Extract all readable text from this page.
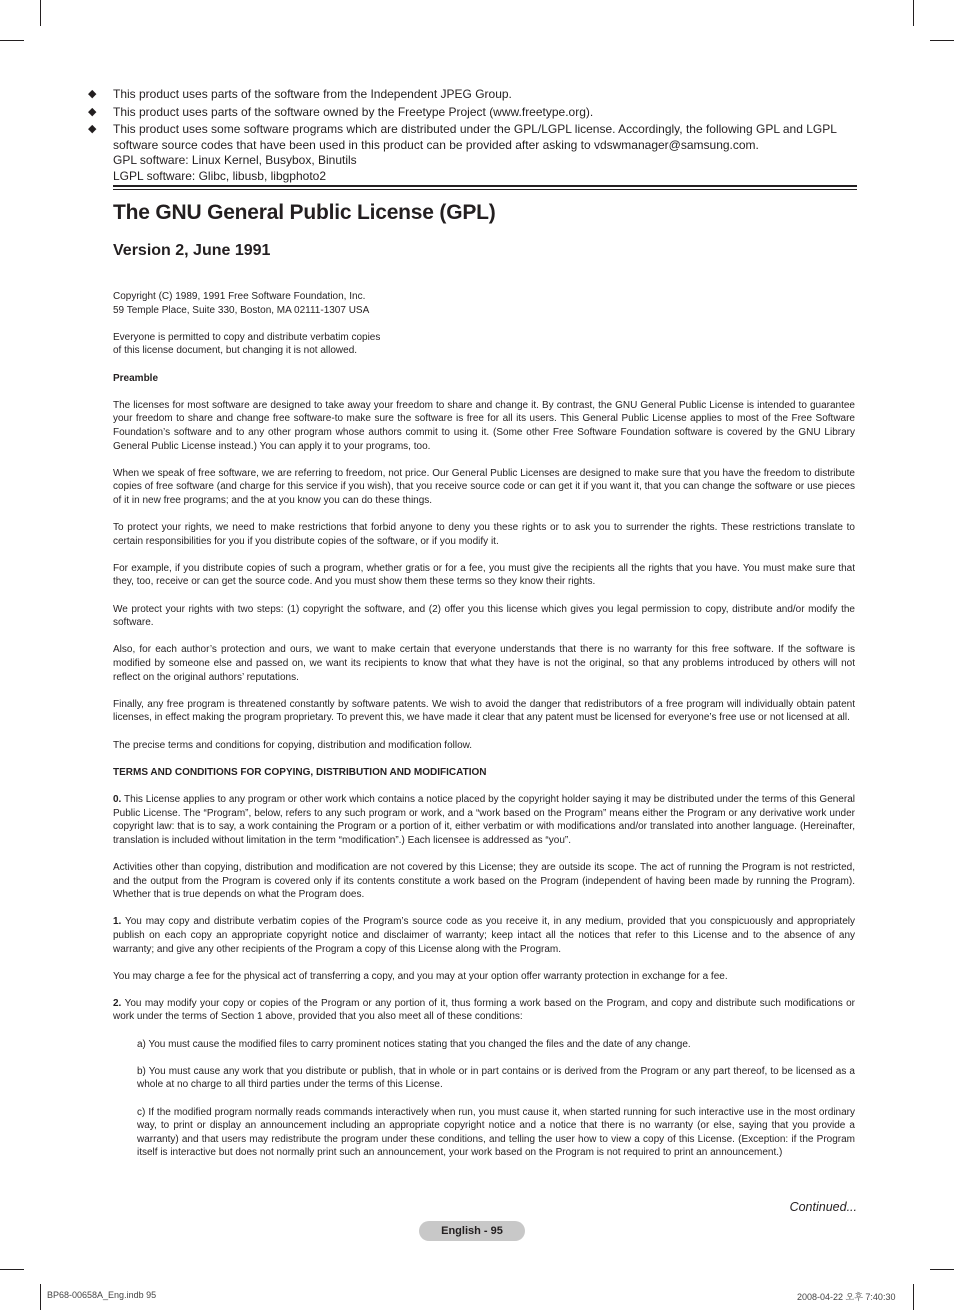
◆ This product uses parts of the software from the Independent JPEG Group.
◆ This product uses parts of the software owned by the Freetype Project (www.freetype.org).
◆ This product uses some software programs which are distributed under the GPL/LGPL license. Accordingly, the following GPL and LGPL
software source codes that have been used in this product can be provided after asking to vdswmanager@samsung.com.
GPL software: Linux Kernel, Busybox, Binutils
LGPL software: Glibc, libusb, libgphoto2
The GNU General Public License (GPL)
Version 2, June 1991

Copyright (C) 1989, 1991 Free Software Foundation, Inc.
59 Temple Place, Suite 330, Boston, MA 02111-1307 USA

Everyone is permitted to copy and distribute verbatim copies
of this license document, but changing it is not allowed.

Preamble

The licenses for most software are designed to take away your freedom to share and change it. By contrast, the GNU General Public License is intended to guarantee your freedom to share and change free software-to make sure the software is free for all its users. This General Public License applies to most of the Free Software Foundation’s software and to any other program whose authors commit to using it. (Some other Free Software Foundation software is covered by the GNU Library General Public License instead.) You can apply it to your programs, too.

When we speak of free software, we are referring to freedom, not price. Our General Public Licenses are designed to make sure that you have the freedom to distribute copies of free software (and charge for this service if you wish), that you receive source code or can get it if you want it, that you can change the software or use pieces of it in new free programs; and the at you know you can do these things.

To protect your rights, we need to make restrictions that forbid anyone to deny you these rights or to ask you to surrender the rights. These restrictions translate to certain responsibilities for you if you distribute copies of the software, or if you modify it.

For example, if you distribute copies of such a program, whether gratis or for a fee, you must give the recipients all the rights that you have. You must make sure that they, too, receive or can get the source code. And you must show them these terms so they know their rights.

We protect your rights with two steps: (1) copyright the software, and (2) offer you this license which gives you legal permission to copy, distribute and/or modify the software.

Also, for each author’s protection and ours, we want to make certain that everyone understands that there is no warranty for this free software. If the software is modified by someone else and passed on, we want its recipients to know that what they have is not the original, so that any problems introduced by others will not reflect on the original authors’ reputations.

Finally, any free program is threatened constantly by software patents. We wish to avoid the danger that redistributors of a free program will individually obtain patent licenses, in effect making the program proprietary. To prevent this, we have made it clear that any patent must be licensed for everyone’s free use or not licensed at all.

The precise terms and conditions for copying, distribution and modification follow.

TERMS AND CONDITIONS FOR COPYING, DISTRIBUTION AND MODIFICATION

0. This License applies to any program or other work which contains a notice placed by the copyright holder saying it may be distributed under the terms of this General Public License. The “Program”, below, refers to any such program or work, and a “work based on the Program” means either the Program or any derivative work under copyright law: that is to say, a work containing the Program or a portion of it, either verbatim or with modifications and/or translated into another language. (Hereinafter, translation is included without limitation in the term “modification”.) Each licensee is addressed as “you”.

Activities other than copying, distribution and modification are not covered by this License; they are outside its scope. The act of running the Program is not restricted, and the output from the Program is covered only if its contents constitute a work based on the Program (independent of having been made by running the Program). Whether that is true depends on what the Program does.

1. You may copy and distribute verbatim copies of the Program’s source code as you receive it, in any medium, provided that you conspicuously and appropriately publish on each copy an appropriate copyright notice and disclaimer of warranty; keep intact all the notices that refer to this License and to the absence of any warranty; and give any other recipients of the Program a copy of this License along with the Program.

You may charge a fee for the physical act of transferring a copy, and you may at your option offer warranty protection in exchange for a fee.

2. You may modify your copy or copies of the Program or any portion of it, thus forming a work based on the Program, and copy and distribute such modifications or work under the terms of Section 1 above, provided that you also meet all of these conditions:

a) You must cause the modified files to carry prominent notices stating that you changed the files and the date of any change.

b) You must cause any work that you distribute or publish, that in whole or in part contains or is derived from the Program or any part thereof, to be licensed as a whole at no charge to all third parties under the terms of this License.

c) If the modified program normally reads commands interactively when run, you must cause it, when started running for such interactive use in the most ordinary way, to print or display an announcement including an appropriate copyright notice and a notice that there is no warranty (or else, saying that you provide a warranty) and that users may redistribute the program under these conditions, and telling the user how to view a copy of this License. (Exception: if the Program itself is interactive but does not normally print such an announcement, your work based on the Program is not required to print an announcement.)

Continued...
English - 95
BP68-00658A_Eng.indb 95	2008-04-22 오후 7:40:30
